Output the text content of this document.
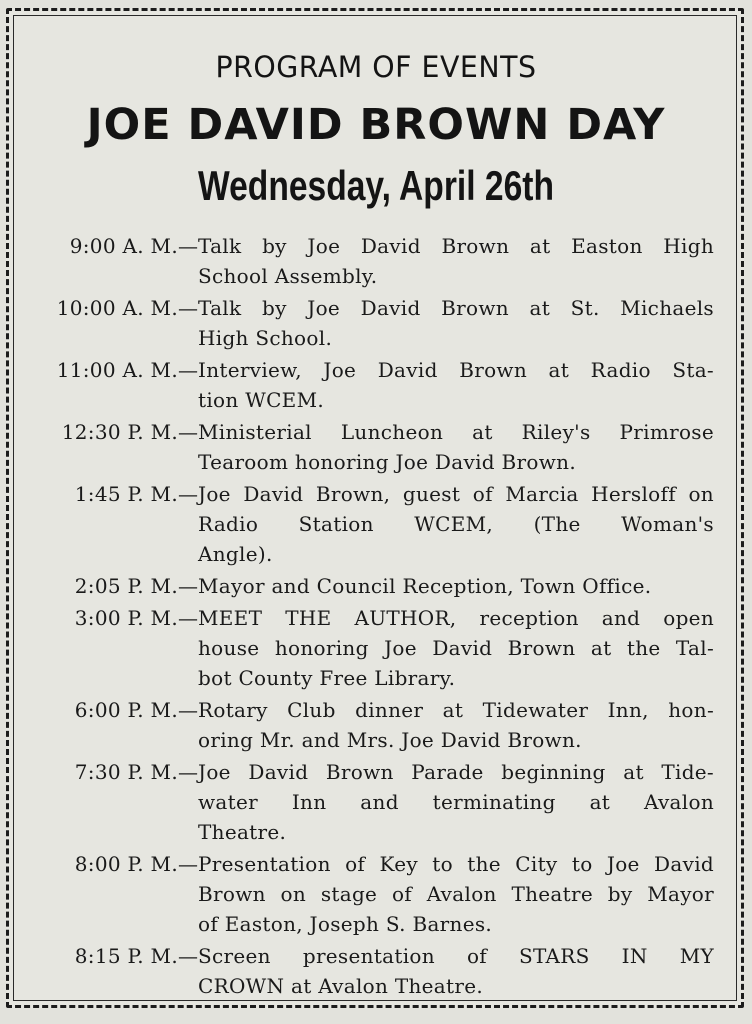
PROGRAM OF EVENTS
JOE DAVID BROWN DAY
Wednesday, April 26th
9:00 A. M. — Talk by Joe David Brown at Easton High
School Assembly.
10:00 A. M. — Talk by Joe David Brown at St. Michaels
High School.
11:00 A. M. — Interview, Joe David Brown at Radio Sta-
tion WCEM.
12:30 P. M. — Ministerial Luncheon at Riley's Primrose
Tearoom honoring Joe David Brown.
1:45 P. M. — Joe David Brown, guest of Marcia Hersloff on
Radio Station WCEM, (The Woman's
Angle).
2:05 P. M. — Mayor and Council Reception, Town Office.
3:00 P. M. — MEET THE AUTHOR, reception and open
house honoring Joe David Brown at the Tal-
bot County Free Library.
6:00 P. M. — Rotary Club dinner at Tidewater Inn, hon-
oring Mr. and Mrs. Joe David Brown.
7:30 P. M. — Joe David Brown Parade beginning at Tide-
water Inn and terminating at Avalon
Theatre.
8:00 P. M. — Presentation of Key to the City to Joe David
Brown on stage of Avalon Theatre by Mayor
of Easton, Joseph S. Barnes.
8:15 P. M. — Screen presentation of STARS IN MY
CROWN at Avalon Theatre.
